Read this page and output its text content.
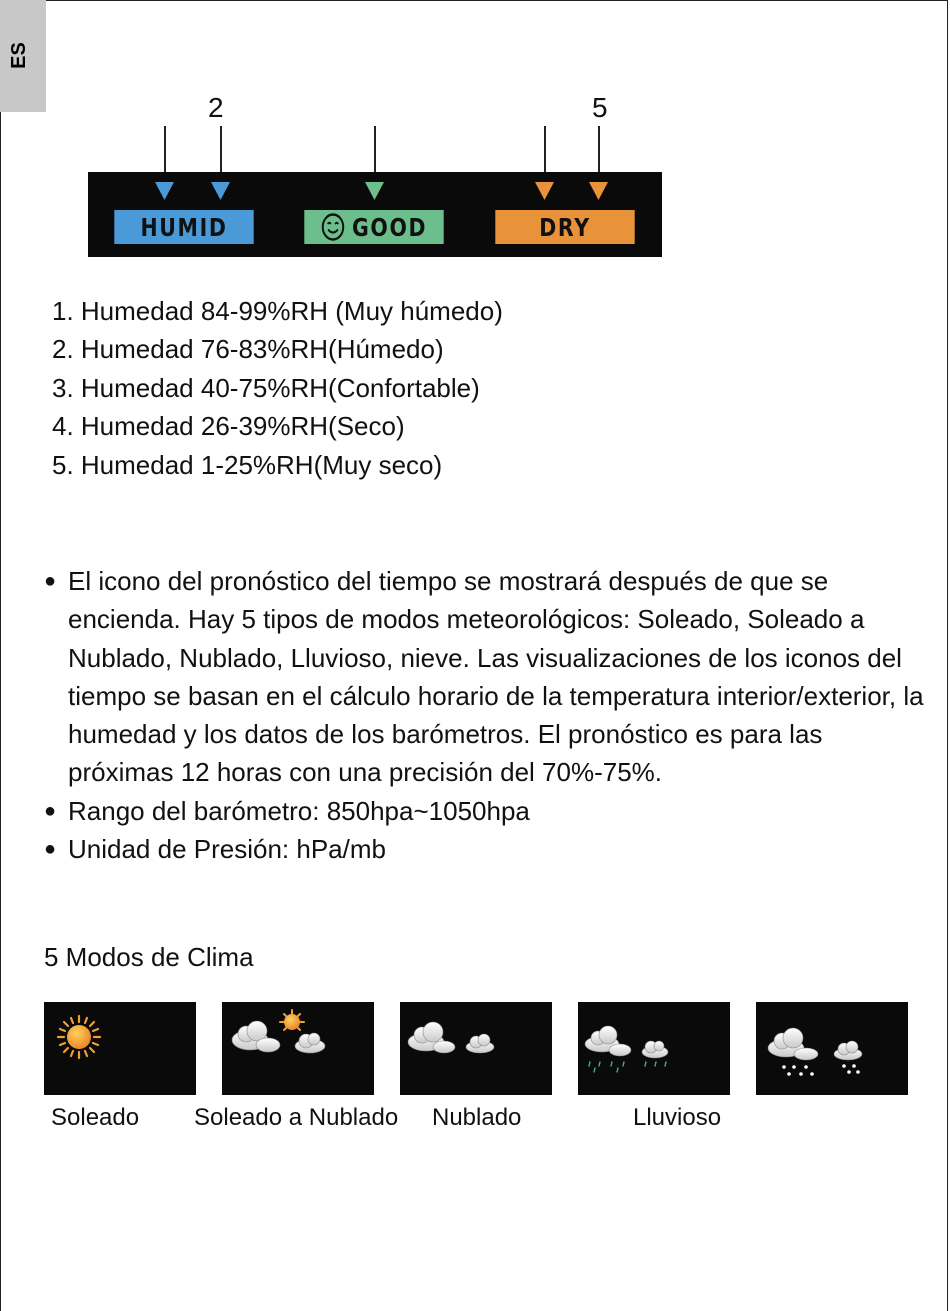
ES
2	5
HUMID	GOOD	DRY
1. Humedad 84-99%RH (Muy húmedo)
2. Humedad 76-83%RH(Húmedo)
3. Humedad 40-75%RH(Confortable)
4. Humedad 26-39%RH(Seco)
5. Humedad 1-25%RH(Muy seco)
● El icono del pronóstico del tiempo se mostrará después de que se encienda. Hay 5 tipos de modos meteorológicos: Soleado, Soleado a Nublado, Nublado, Lluvioso, nieve. Las visualizaciones de los iconos del tiempo se basan en el cálculo horario de la temperatura interior/exterior, la humedad y los datos de los barómetros. El pronóstico es para las próximas 12 horas con una precisión del 70%-75%.
● Rango del barómetro: 850hpa~1050hpa
● Unidad de Presión: hPa/mb
5 Modos de Clima
Soleado Soleado a Nublado Nublado	Lluvioso
